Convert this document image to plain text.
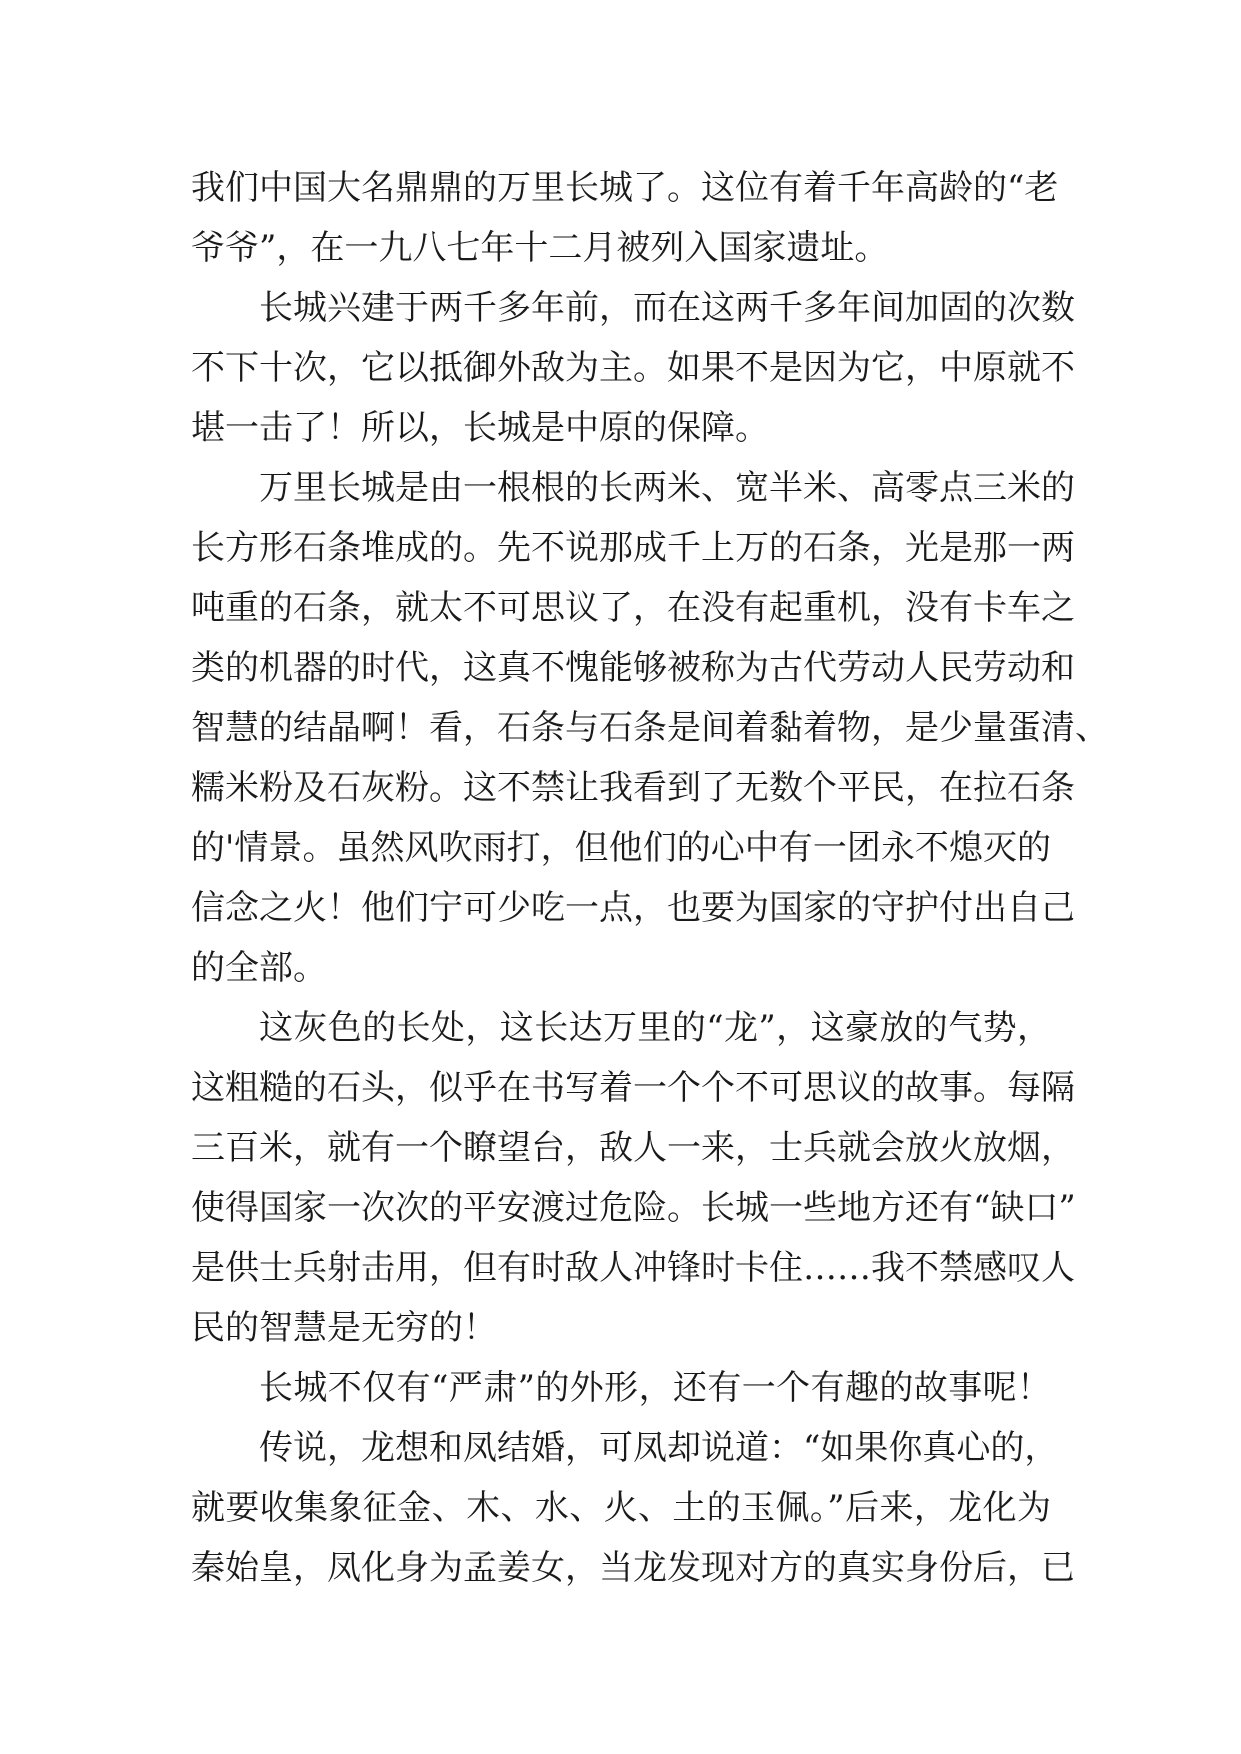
我们中国大名鼎鼎的万里长城了。这位有着千年高龄的“老
爷爷”，在一九八七年十二月被列入国家遗址。
长城兴建于两千多年前，而在这两千多年间加固的次数
不下十次，它以抵御外敌为主。如果不是因为它，中原就不
堪一击了！所以，长城是中原的保障。
万里长城是由一根根的长两米、宽半米、高零点三米的
长方形石条堆成的。先不说那成千上万的石条，光是那一两
吨重的石条，就太不可思议了，在没有起重机，没有卡车之
类的机器的时代，这真不愧能够被称为古代劳动人民劳动和
智慧的结晶啊！看，石条与石条是间着黏着物，是少量蛋清、
糯米粉及石灰粉。这不禁让我看到了无数个平民，在拉石条
的'情景。虽然风吹雨打，但他们的心中有一团永不熄灭的
信念之火！他们宁可少吃一点，也要为国家的守护付出自己
的全部。
这灰色的长处，这长达万里的“龙”，这豪放的气势，
这粗糙的石头，似乎在书写着一个个不可思议的故事。每隔
三百米，就有一个瞭望台，敌人一来，士兵就会放火放烟，
使得国家一次次的平安渡过危险。长城一些地方还有“缺口”
是供士兵射击用，但有时敌人冲锋时卡住……我不禁感叹人
民的智慧是无穷的！
长城不仅有“严肃”的外形，还有一个有趣的故事呢！
传说，龙想和凤结婚，可凤却说道：“如果你真心的，
就要收集象征金、木、水、火、土的玉佩。”后来，龙化为
秦始皇，凤化身为孟姜女，当龙发现对方的真实身份后，已
